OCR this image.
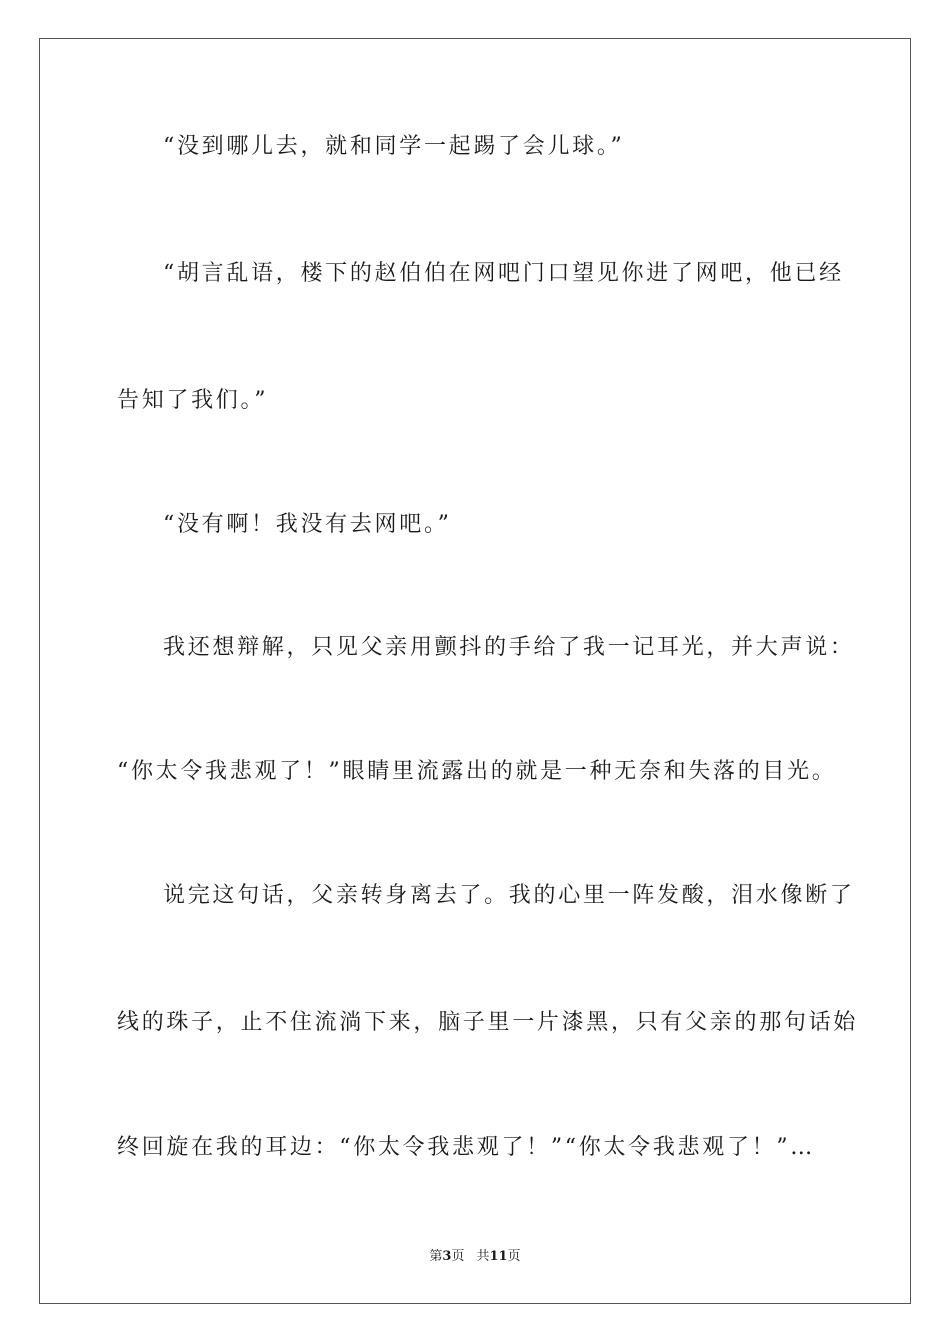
“没到哪儿去，就和同学一起踢了会儿球。”
“胡言乱语，楼下的赵伯伯在网吧门口望见你进了网吧，他已经
告知了我们。”
“没有啊！我没有去网吧。”
我还想辩解，只见父亲用颤抖的手给了我一记耳光，并大声说：
“你太令我悲观了！”眼睛里流露出的就是一种无奈和失落的目光。
说完这句话，父亲转身离去了。我的心里一阵发酸，泪水像断了
线的珠子，止不住流淌下来，脑子里一片漆黑，只有父亲的那句话始
终回旋在我的耳边：“你太令我悲观了！”“你太令我悲观了！”…
第3页 共11页
